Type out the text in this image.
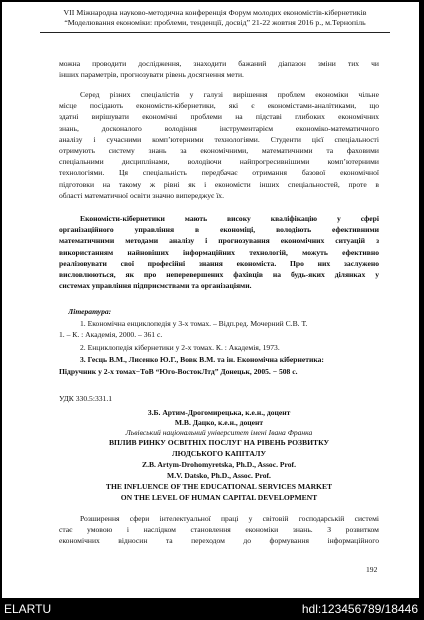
VII Міжнародна науково-методична конференція Форум молодих економістів-кібернетиків
“Моделювання економіки: проблеми, тенденції, досвід” 21-22 жовтня 2016 р., м.Тернопіль
можна проводити дослідження, знаходити бажаний діапазон зміни тих чи
інших параметрів, прогнозувати рівень досягнення мети.
Серед різних спеціалістів у галузі вирішення проблем економіки чільне
місце посідають економісти-кібернетики, які є економістами-аналітиками, що
здатні вирішувати економічні проблеми на підставі глибоких економічних
знань, досконалого володіння інструментарієм економіко-математичного
аналізу і сучасними комп’ютерними технологіями. Студенти цієї спеціальності
отримують систему знань за економічними, математичними та фаховими
спеціальними дисциплінами, володіючи найпрогресивнішими комп’ютерними
технологіями. Ця спеціальність передбачає отримання базової економічної
підготовки на такому ж рівні як і економісти інших спеціальностей, проте в
області математичної освіти значно випереджує їх.
Економісти-кібернетики мають високу кваліфікацію у сфері
організаційного управління в економіці, володіють ефективними
математичними методами аналізу і прогнозування економічних ситуацій з
використанням найновіших інформаційних технологій, можуть ефективно
реалізовувати свої професійні знання економіста. Про них заслужено
висловлюються, як про неперевершених фахівців на будь-яких ділянках у
системах управління підприємствами та організаціями.
Література:
1. Економічна енциклопедія у 3-х томах. – Відп.ред. Мочерний С.В. Т.
1. – К. : Академія, 2000. – 361 с.
2. Енциклопедія кібернетики у 2-х томах. К. : Академія, 1973.
3. Гесць В.М., Лисенко Ю.Г., Вовк В.М. та ін. Економічна кібернетика:
Підручник у 2-х томах−ТоВ “Юго-ВостокЛтд” Донецьк, 2005. − 508 с.
УДК 330.5:331.1
З.Б. Артим-Дрогомирецька, к.е.н., доцент
М.В. Дацко, к.е.н., доцент
Львівський національний університет імені Івана Франка
ВПЛИВ РИНКУ ОСВІТНІХ ПОСЛУГ НА РІВЕНЬ РОЗВИТКУ
ЛЮДСЬКОГО КАПІТАЛУ
Z.B. Artym-Drohomyretska, Ph.D., Assoc. Prof.
M.V. Datsko, Ph.D., Assoc. Prof.
THE INFLUENCE OF THE EDUCATIONAL SERVICES MARKET
ON THE LEVEL OF HUMAN CAPITAL DEVELOPMENT
Розширення сфери інтелектуальної праці у світовій господарській системі
стає умовою і наслідком становлення економіки знань. З розвитком
економічних відносин та переходом до формування інформаційного
192
ELARTU	hdl:123456789/18446
